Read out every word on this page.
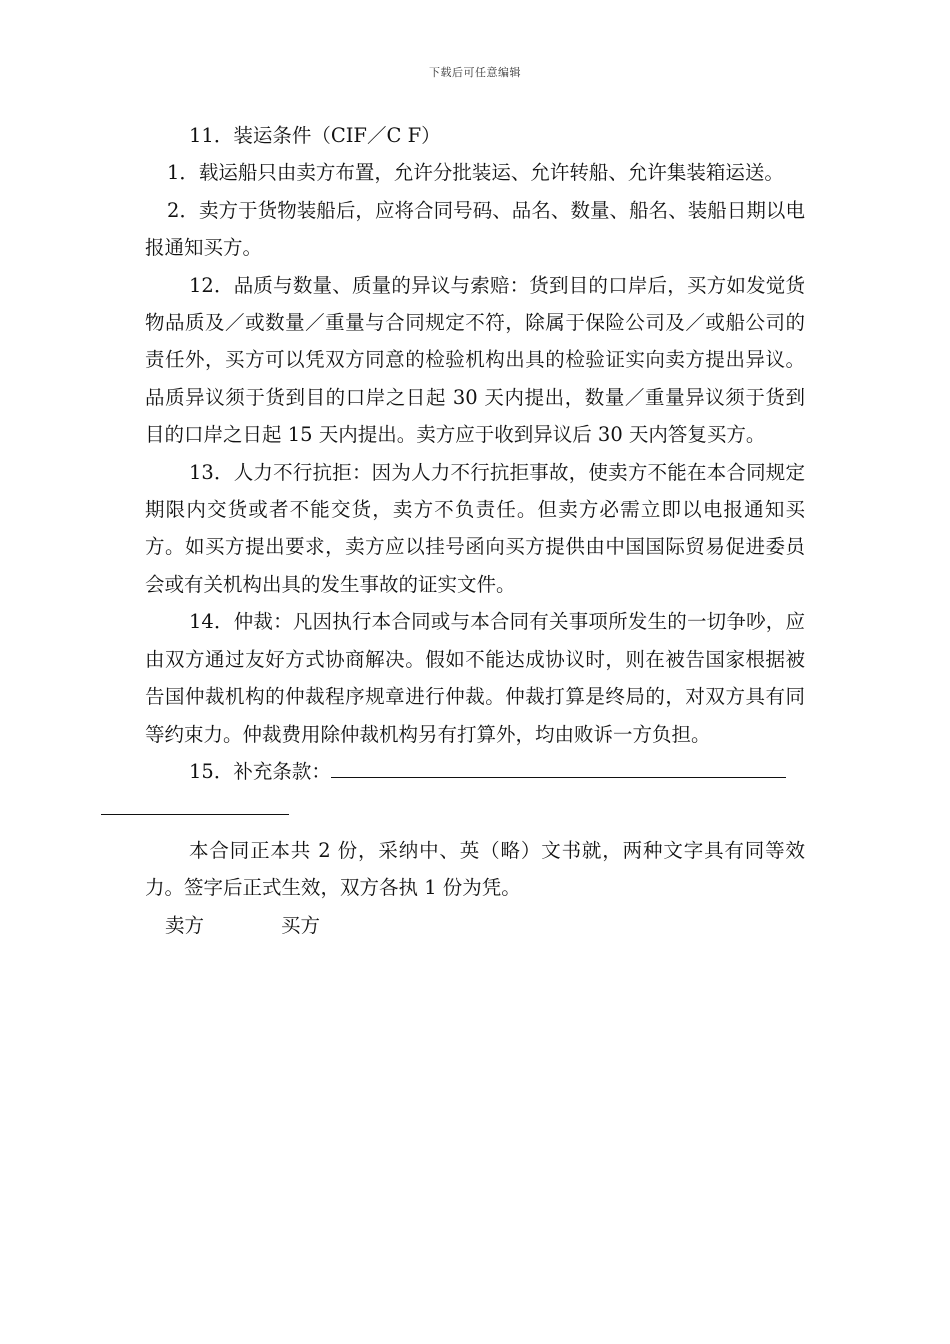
下载后可任意编辑

11．装运条件（CIF／C F）

1．载运船只由卖方布置，允许分批装运、允许转船、允许集装箱运送。

2．卖方于货物装船后，应将合同号码、品名、数量、船名、装船日期以电报通知买方。

12．品质与数量、质量的异议与索赔：货到目的口岸后，买方如发觉货物品质及／或数量／重量与合同规定不符，除属于保险公司及／或船公司的责任外，买方可以凭双方同意的检验机构出具的检验证实向卖方提出异议。品质异议须于货到目的口岸之日起 30 天内提出，数量／重量异议须于货到目的口岸之日起 15 天内提出。卖方应于收到异议后 30 天内答复买方。

13．人力不行抗拒：因为人力不行抗拒事故，使卖方不能在本合同规定期限内交货或者不能交货，卖方不负责任。但卖方必需立即以电报通知买方。如买方提出要求，卖方应以挂号函向买方提供由中国国际贸易促进委员会或有关机构出具的发生事故的证实文件。

14．仲裁：凡因执行本合同或与本合同有关事项所发生的一切争吵，应由双方通过友好方式协商解决。假如不能达成协议时，则在被告国家根据被告国仲裁机构的仲裁程序规章进行仲裁。仲裁打算是终局的，对双方具有同等约束力。仲裁费用除仲裁机构另有打算外，均由败诉一方负担。

15．补充条款：

本合同正本共 2 份，采纳中、英（略）文书就，两种文字具有同等效力。签字后正式生效，双方各执 1 份为凭。

卖方	买方
